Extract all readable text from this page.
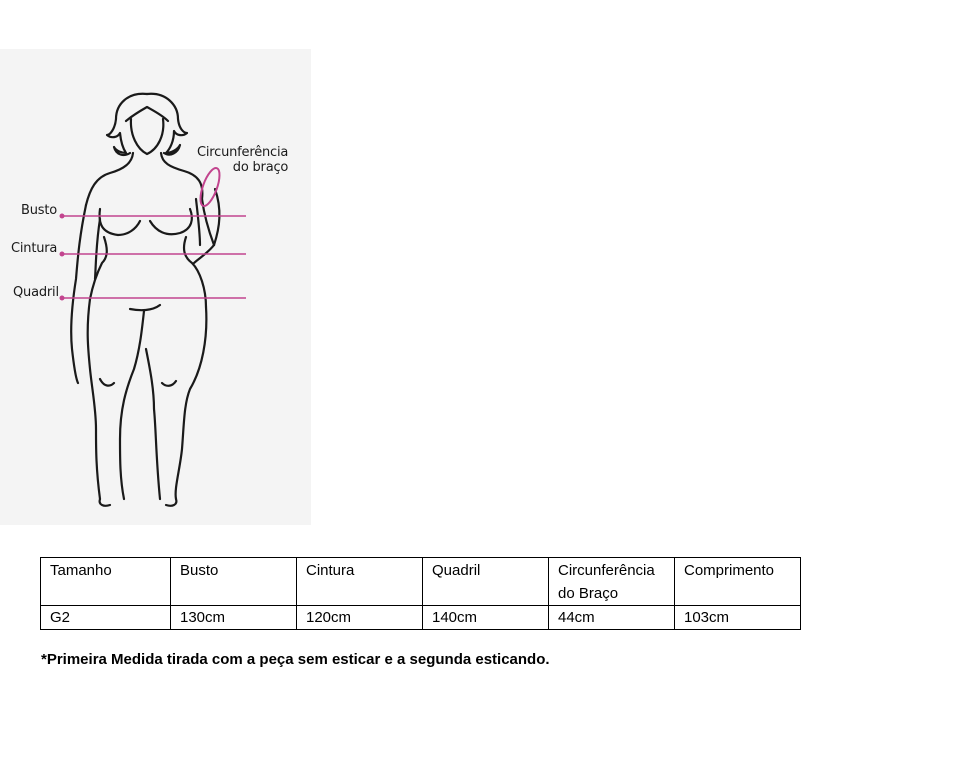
Busto
Cintura
Quadril
Circunferência
do braço
Tamanho	Busto	Cintura	Quadril	Circunferência do Braço	Comprimento
G2	130cm	120cm	140cm	44cm	103cm
*Primeira Medida tirada com a peça sem esticar e a segunda esticando.
